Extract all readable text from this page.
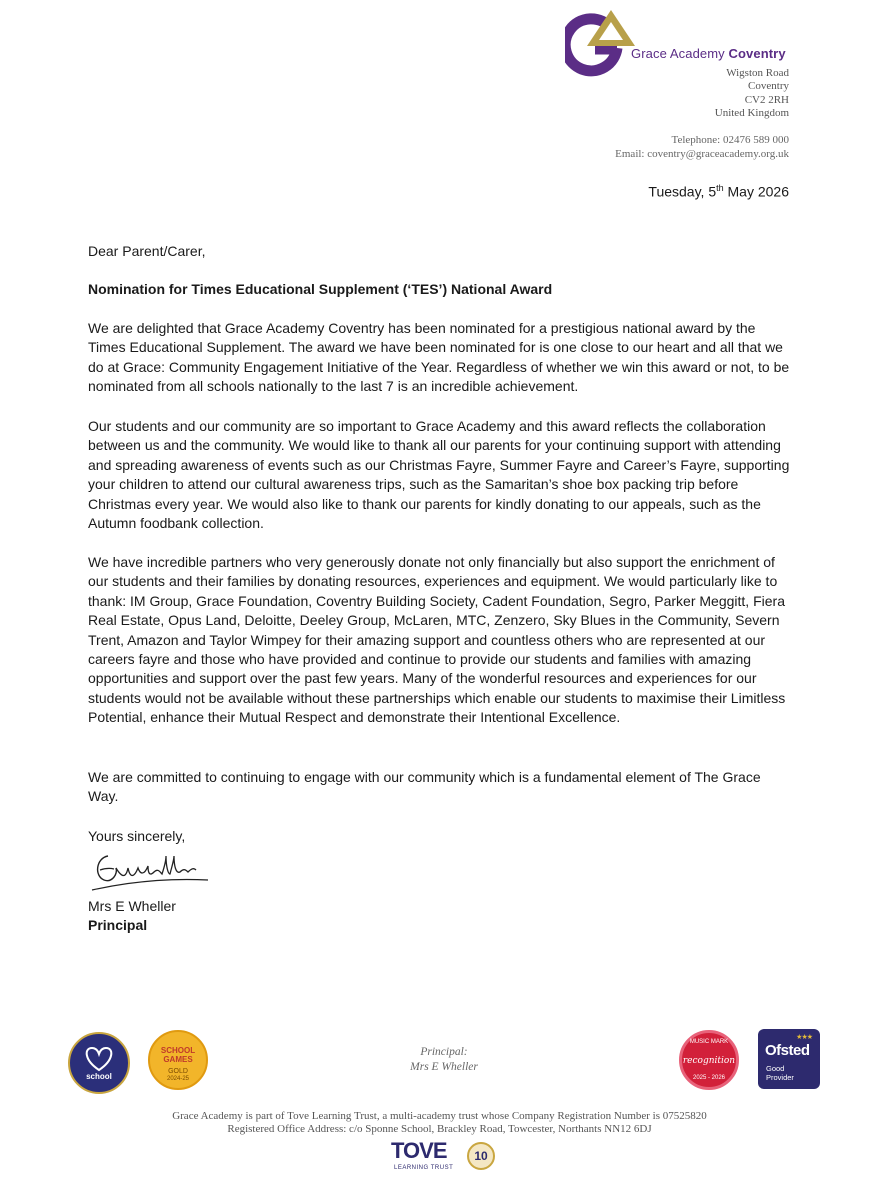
Grace Academy Coventry
Wigston Road
Coventry
CV2 2RH
United Kingdom
Telephone: 02476 589 000
Email: coventry@graceacademy.org.uk
Tuesday, 5th May 2026
Dear Parent/Carer,
Nomination for Times Educational Supplement (‘TES’) National Award
We are delighted that Grace Academy Coventry has been nominated for a prestigious national award by the Times Educational Supplement. The award we have been nominated for is one close to our heart and all that we do at Grace: Community Engagement Initiative of the Year. Regardless of whether we win this award or not, to be nominated from all schools nationally to the last 7 is an incredible achievement.
Our students and our community are so important to Grace Academy and this award reflects the collaboration between us and the community. We would like to thank all our parents for your continuing support with attending and spreading awareness of events such as our Christmas Fayre, Summer Fayre and Career’s Fayre, supporting your children to attend our cultural awareness trips, such as the Samaritan’s shoe box packing trip before Christmas every year. We would also like to thank our parents for kindly donating to our appeals, such as the Autumn foodbank collection.
We have incredible partners who very generously donate not only financially but also support the enrichment of our students and their families by donating resources, experiences and equipment. We would particularly like to thank: IM Group, Grace Foundation, Coventry Building Society, Cadent Foundation, Segro, Parker Meggitt, Fiera Real Estate, Opus Land, Deloitte, Deeley Group, McLaren, MTC, Zenzero, Sky Blues in the Community, Severn Trent, Amazon and Taylor Wimpey for their amazing support and countless others who are represented at our careers fayre and those who have provided and continue to provide our students and families with amazing opportunities and support over the past few years. Many of the wonderful resources and experiences for our students would not be available without these partnerships which enable our students to maximise their Limitless Potential, enhance their Mutual Respect and demonstrate their Intentional Excellence.
We are committed to continuing to engage with our community which is a fundamental element of The Grace Way.
Yours sincerely,
Mrs E Wheller
Principal
school
SCHOOL GAMES
GOLD
2024-25
Principal:
Mrs E Wheller
MUSIC MARK
recognition
2025 - 2026
★★★
Ofsted
Good
Provider
Grace Academy is part of Tove Learning Trust, a multi-academy trust whose Company Registration Number is 07525820
Registered Office Address: c/o Sponne School, Brackley Road, Towcester, Northants NN12 6DJ
TOVE
LEARNING TRUST
10
